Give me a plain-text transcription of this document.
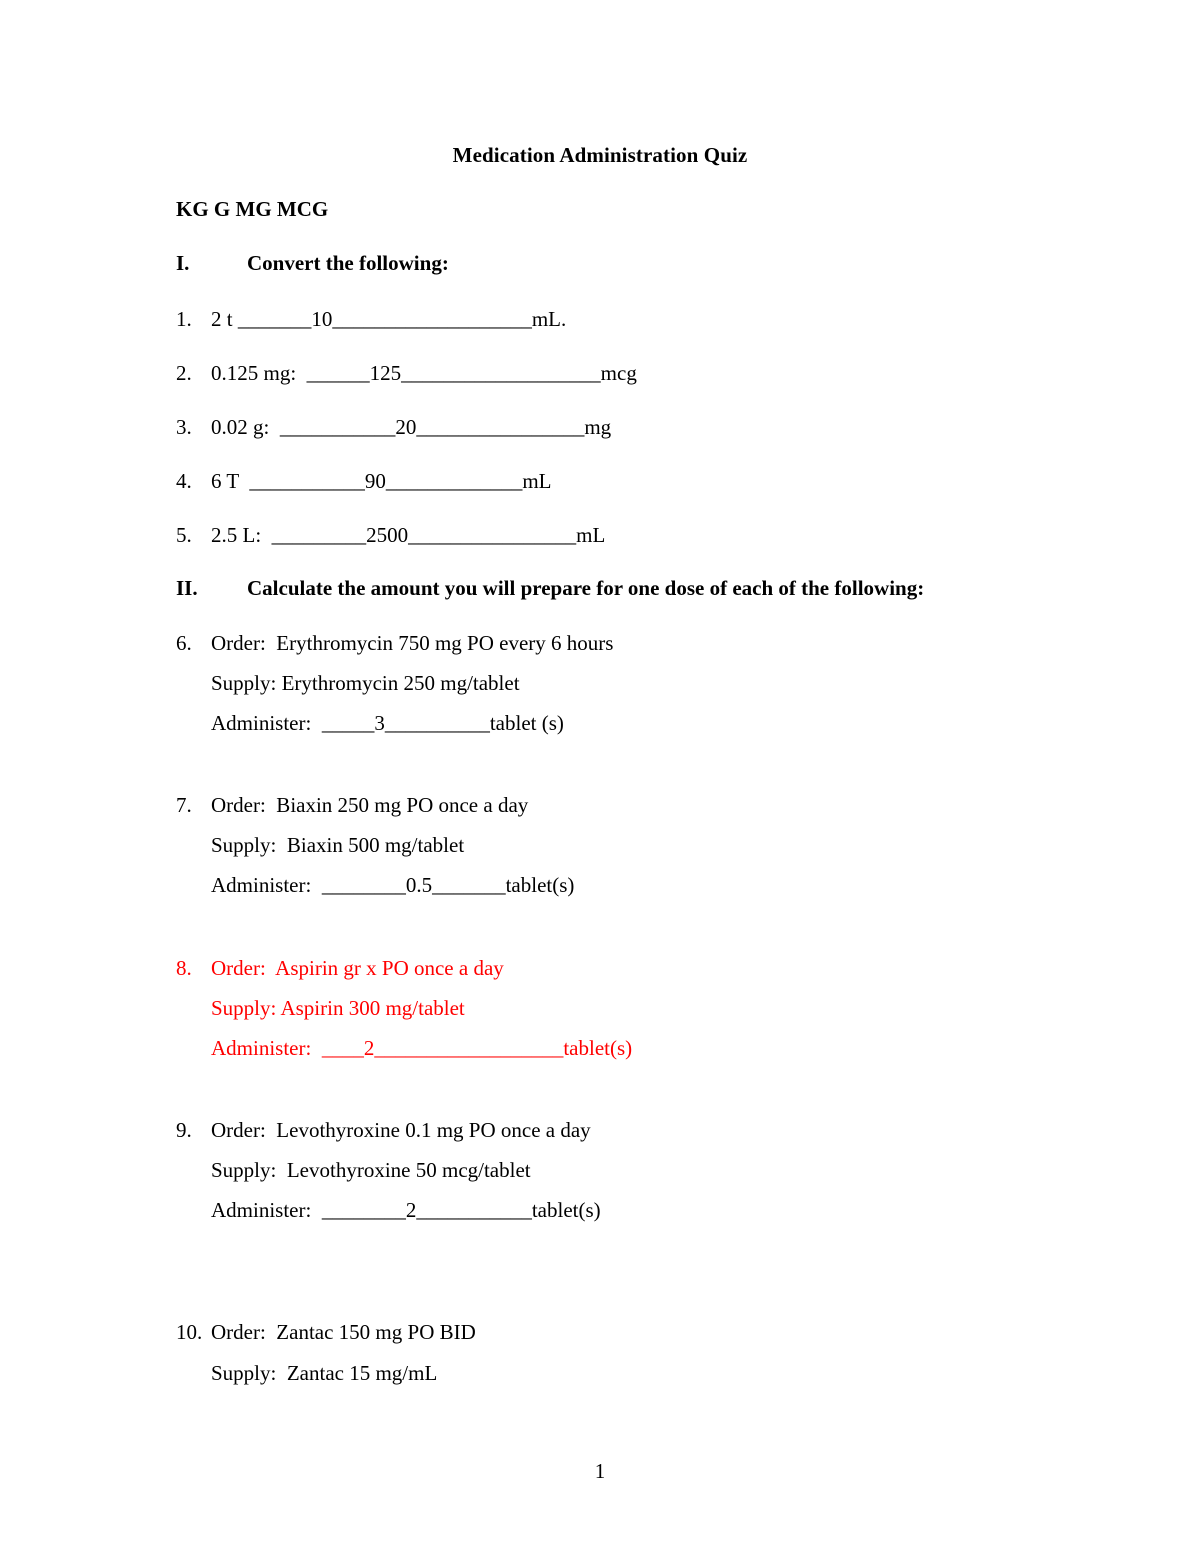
Medication Administration Quiz
KG G MG MCG
I.	Convert the following:
1. 2 t _______10___________________mL.
2. 0.125 mg:  ______125___________________mcg
3. 0.02 g:  ___________20________________mg
4. 6 T  ___________90_____________mL
5. 2.5 L:  _________2500________________mL
II. Calculate the amount you will prepare for one dose of each of the following:
6. Order:  Erythromycin 750 mg PO every 6 hours
Supply: Erythromycin 250 mg/tablet
Administer:  _____3__________tablet (s)
7. Order:  Biaxin 250 mg PO once a day
Supply:  Biaxin 500 mg/tablet
Administer:  ________0.5_______tablet(s)
8. Order:  Aspirin gr x PO once a day
Supply: Aspirin 300 mg/tablet
Administer:  ____2__________________tablet(s)
9. Order:  Levothyroxine 0.1 mg PO once a day
Supply:  Levothyroxine 50 mcg/tablet
Administer:  ________2___________tablet(s)
10. Order:  Zantac 150 mg PO BID
Supply:  Zantac 15 mg/mL
1
